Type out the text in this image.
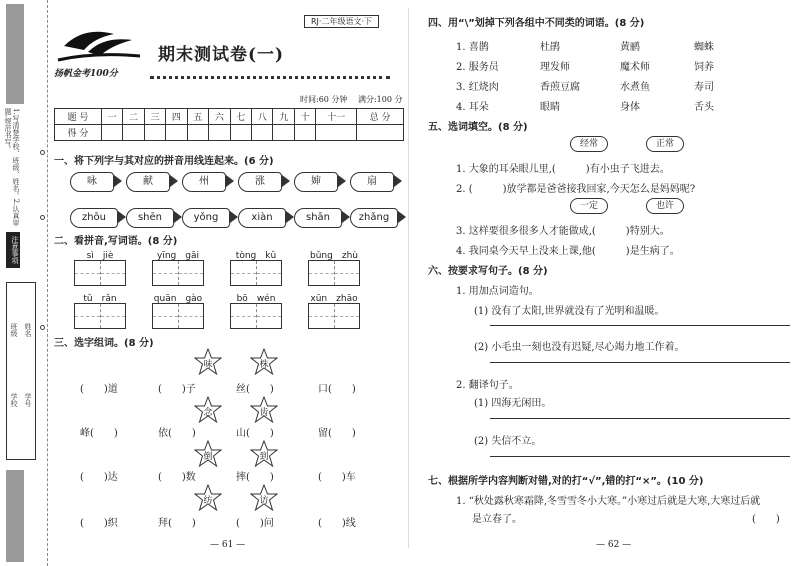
1.写清楚学校、班级、姓名。2.认真审题,规范书写。
注意事项
学校
班级 姓名
学号
扬帆金考100分
RJ·二年级语文·下
期末测试卷(一)
时间:60 分钟　 满分:100 分
题 号	一	二	三	四	五	六	七	八	九	十	十一	总 分
得 分												
一、将下列字与其对应的拼音用线连起来。(6 分)
咏	献	州	涨	婶	扇
zhōu	shēn	yǒng	xiàn	shān	zhǎng
二、看拼音,写词语。(8 分)
sì　 jiè	yīng　 gāi	tòng　 kǔ	bǔng　 zhù
tǔ　 rǎn	quān　 gào	bō　 wén	xūn　 zhāo
三、选字组词。(8 分)
味	株
念	齿
倒	到
纺	访
(　　)道	(　　)子	丝(　　)	口(　　)
峰(　　)	依(　　)	山(　　)	留(　　)
(　　)达	(　　)数	摔(　　)	(　　)车
(　　)织	拜(　　)	(　　)问	(　　)线
— 61 —
四、用“\”划掉下列各组中不同类的词语。(8 分)
1. 喜鹊	杜鹃	黄鹂	蜘蛛
2. 服务员	理发师	魔术师	饲养
3. 红烧肉	香煎豆腐	水煮鱼	寿司
4. 耳朵	眼睛	身体	舌头
五、选词填空。(8 分)
经常	正常
1. 大象的耳朵眼儿里,(　　　)有小虫子飞进去。
2. (　　　)放学都是爸爸接我回家,今天怎么是妈妈呢?
一定	也许
3. 这样要很多很多人才能做成,(　　　)特别大。
4. 我同桌今天早上没来上课,他(　　　)是生病了。
六、按要求写句子。(8 分)
1. 用加点词造句。
(1) 没有了太阳,世界就没有了光明和温暖。
(2) 小毛虫一刻也没有迟疑,尽心竭力地工作着。
2. 翻译句子。
(1) 四海无闲田。
(2) 失信不立。
七、根据所学内容判断对错,对的打“√”,错的打“×”。(10 分)
1. “秋处露秋寒霜降,冬雪雪冬小大寒。”小寒过后就是大寒,大寒过后就
是立春了。	(　　)
— 62 —
